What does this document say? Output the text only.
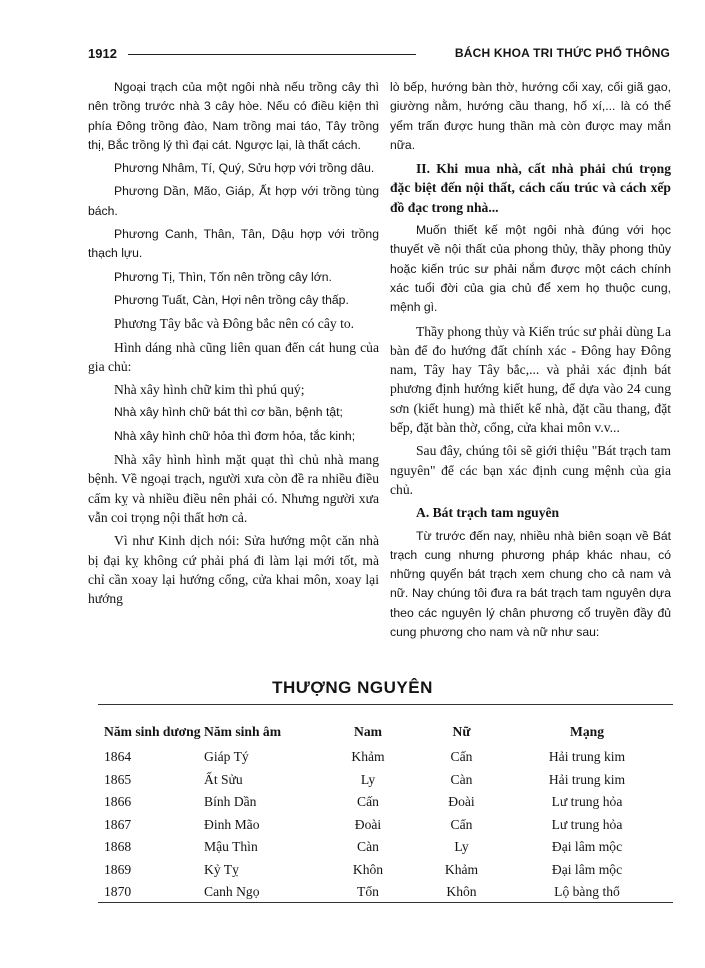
1912	BÁCH KHOA TRI THỨC PHỔ THÔNG

Ngoại trạch của một ngôi nhà nếu trồng cây thì nên trồng trước nhà 3 cây hòe. Nếu có điều kiện thì phía Đông trồng đào, Nam trồng mai táo, Tây trồng thị, Bắc trồng lý thì đại cát. Ngược lại, là thất cách.

Phương Nhâm, Tí, Quý, Sửu hợp với trồng dâu.

Phương Dần, Mão, Giáp, Ất hợp với trồng tùng bách.

Phương Canh, Thân, Tân, Dậu hợp với trồng thạch lựu.

Phương Tị, Thìn, Tốn nên trồng cây lớn.

Phương Tuất, Càn, Hợi nên trồng cây thấp.

Phương Tây bắc và Đông bắc nên có cây to.

Hình dáng nhà cũng liên quan đến cát hung của gia chủ:

Nhà xây hình chữ kim thì phú quý;

Nhà xây hình chữ bát thì cơ bần, bệnh tật;

Nhà xây hình chữ hỏa thì đơm hỏa, tắc kinh;

Nhà xây hình hình mặt quạt thì chủ nhà mang bệnh. Về ngoại trạch, người xưa còn đề ra nhiều điều cấm kỵ và nhiều điều nên phải có. Nhưng người xưa vẫn coi trọng nội thất hơn cả.

Vì như Kinh dịch nói: Sửa hướng một căn nhà bị đại kỵ không cứ phải phá đi làm lại mới tốt, mà chỉ cần xoay lại hướng cổng, cửa khai môn, xoay lại hướng

lò bếp, hướng bàn thờ, hướng cối xay, cối giã gạo, giường nằm, hướng cầu thang, hố xí,... là có thể yểm trấn được hung thần mà còn được may mắn nữa.

II. Khi mua nhà, cất nhà phải chú trọng đặc biệt đến nội thất, cách cấu trúc và cách xếp đồ đạc trong nhà...

Muốn thiết kế một ngôi nhà đúng với học thuyết về nội thất của phong thủy, thầy phong thủy hoặc kiến trúc sư phải nắm được một cách chính xác tuổi đời của gia chủ để xem họ thuộc cung, mệnh gì.

Thầy phong thủy và Kiến trúc sư phải dùng La bàn để đo hướng đất chính xác - Đông hay Đông nam, Tây hay Tây bắc,... và phải xác định bát phương định hướng kiết hung, để dựa vào 24 cung sơn (kiết hung) mà thiết kế nhà, đặt cầu thang, đặt bếp, đặt bàn thờ, cổng, cửa khai môn v.v...

Sau đây, chúng tôi sẽ giới thiệu "Bát trạch tam nguyên" để các bạn xác định cung mệnh của gia chủ.

A. Bát trạch tam nguyên

Từ trước đến nay, nhiều nhà biên soạn về Bát trạch cung nhưng phương pháp khác nhau, có những quyển bát trạch xem chung cho cả nam và nữ. Nay chúng tôi đưa ra bát trạch tam nguyên dựa theo các nguyên lý chân phương cổ truyền đầy đủ cung phương cho nam và nữ như sau:

THƯỢNG NGUYÊN
Năm sinh dương	Năm sinh âm	Nam	Nữ	Mạng
1864	Giáp Tý	Khảm	Cấn	Hải trung kim
1865	Ất Sửu	Ly	Càn	Hải trung kim
1866	Bính Dần	Cấn	Đoài	Lư trung hỏa
1867	Đinh Mão	Đoài	Cấn	Lư trung hỏa
1868	Mậu Thìn	Càn	Ly	Đại lâm mộc
1869	Kỷ Tỵ	Khôn	Khảm	Đại lâm mộc
1870	Canh Ngọ	Tốn	Khôn	Lộ bàng thổ
